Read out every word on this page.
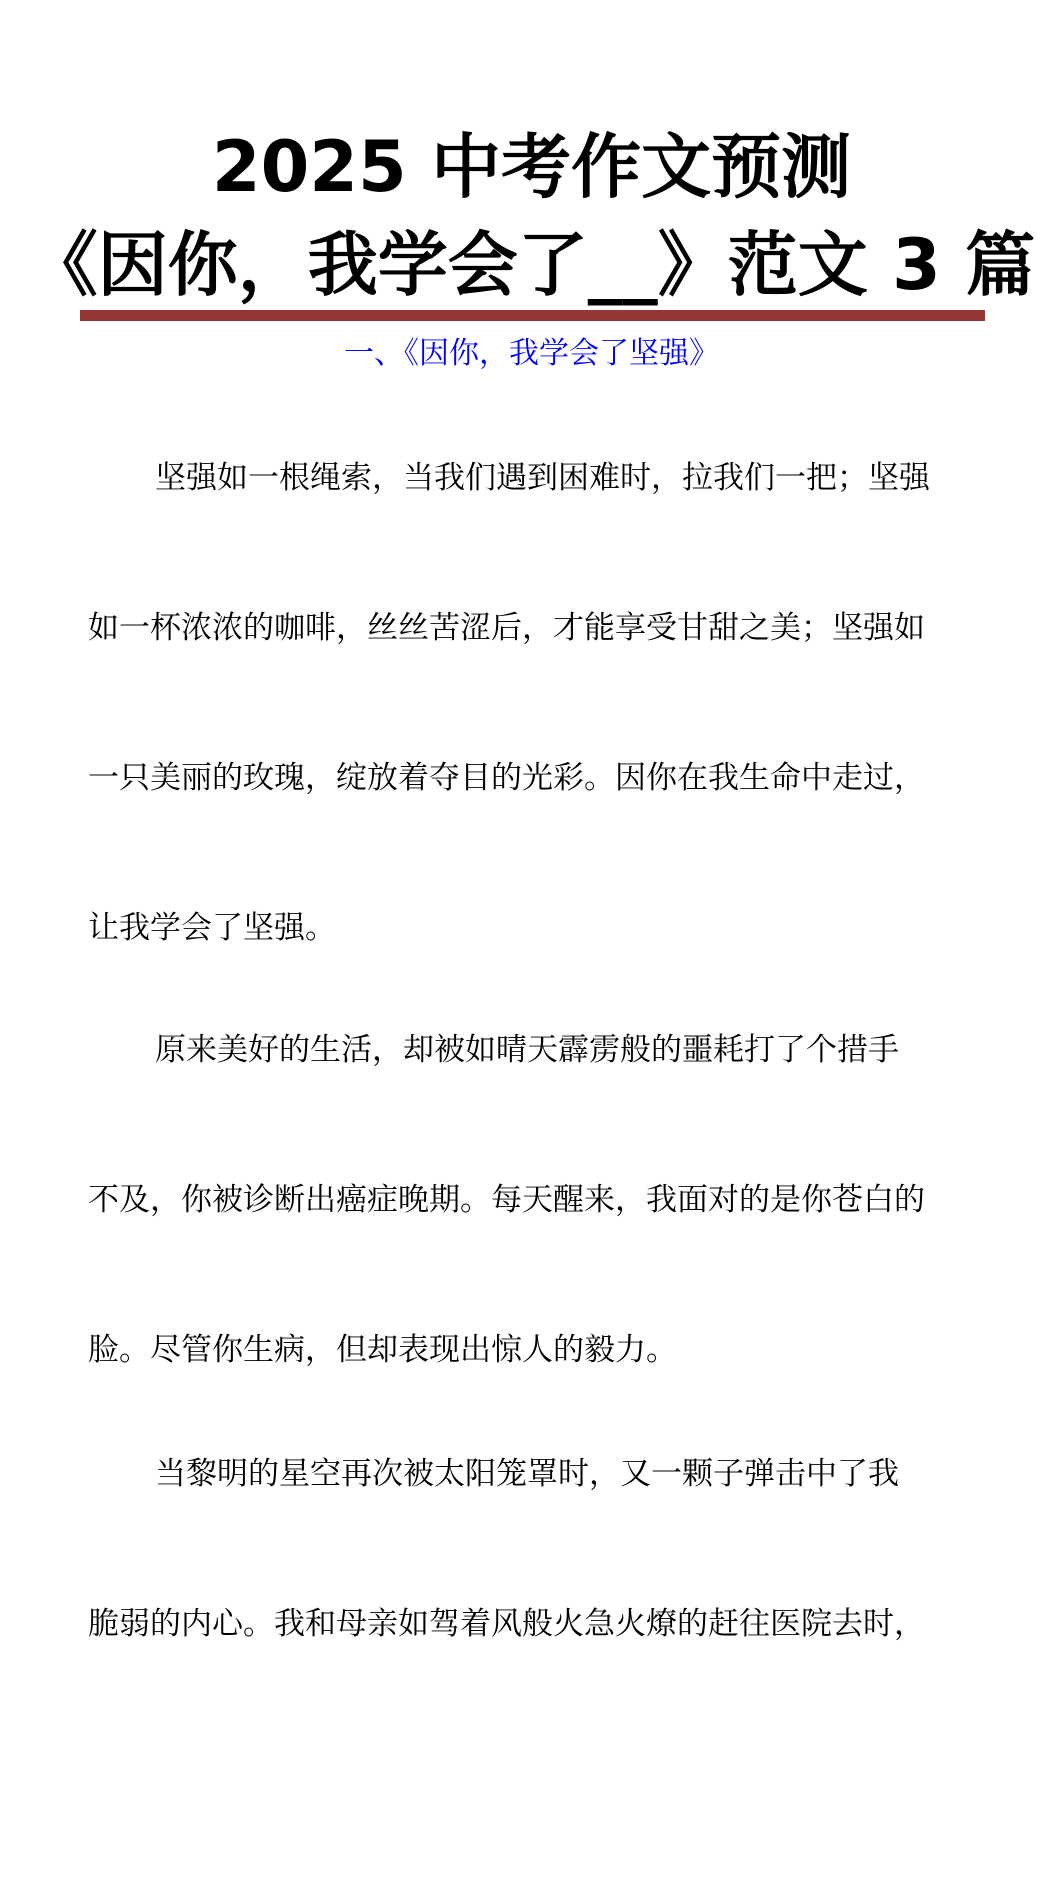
2025 中考作文预测
《因你，我学会了__》范文 3 篇
一、《因你，我学会了坚强》
坚强如一根绳索，当我们遇到困难时，拉我们一把；坚强
如一杯浓浓的咖啡，丝丝苦涩后，才能享受甘甜之美；坚强如
一只美丽的玫瑰，绽放着夺目的光彩。因你在我生命中走过，
让我学会了坚强。
原来美好的生活，却被如晴天霹雳般的噩耗打了个措手
不及，你被诊断出癌症晚期。每天醒来，我面对的是你苍白的
脸。尽管你生病，但却表现出惊人的毅力。
当黎明的星空再次被太阳笼罩时，又一颗子弹击中了我
脆弱的内心。我和母亲如驾着风般火急火燎的赶往医院去时，
